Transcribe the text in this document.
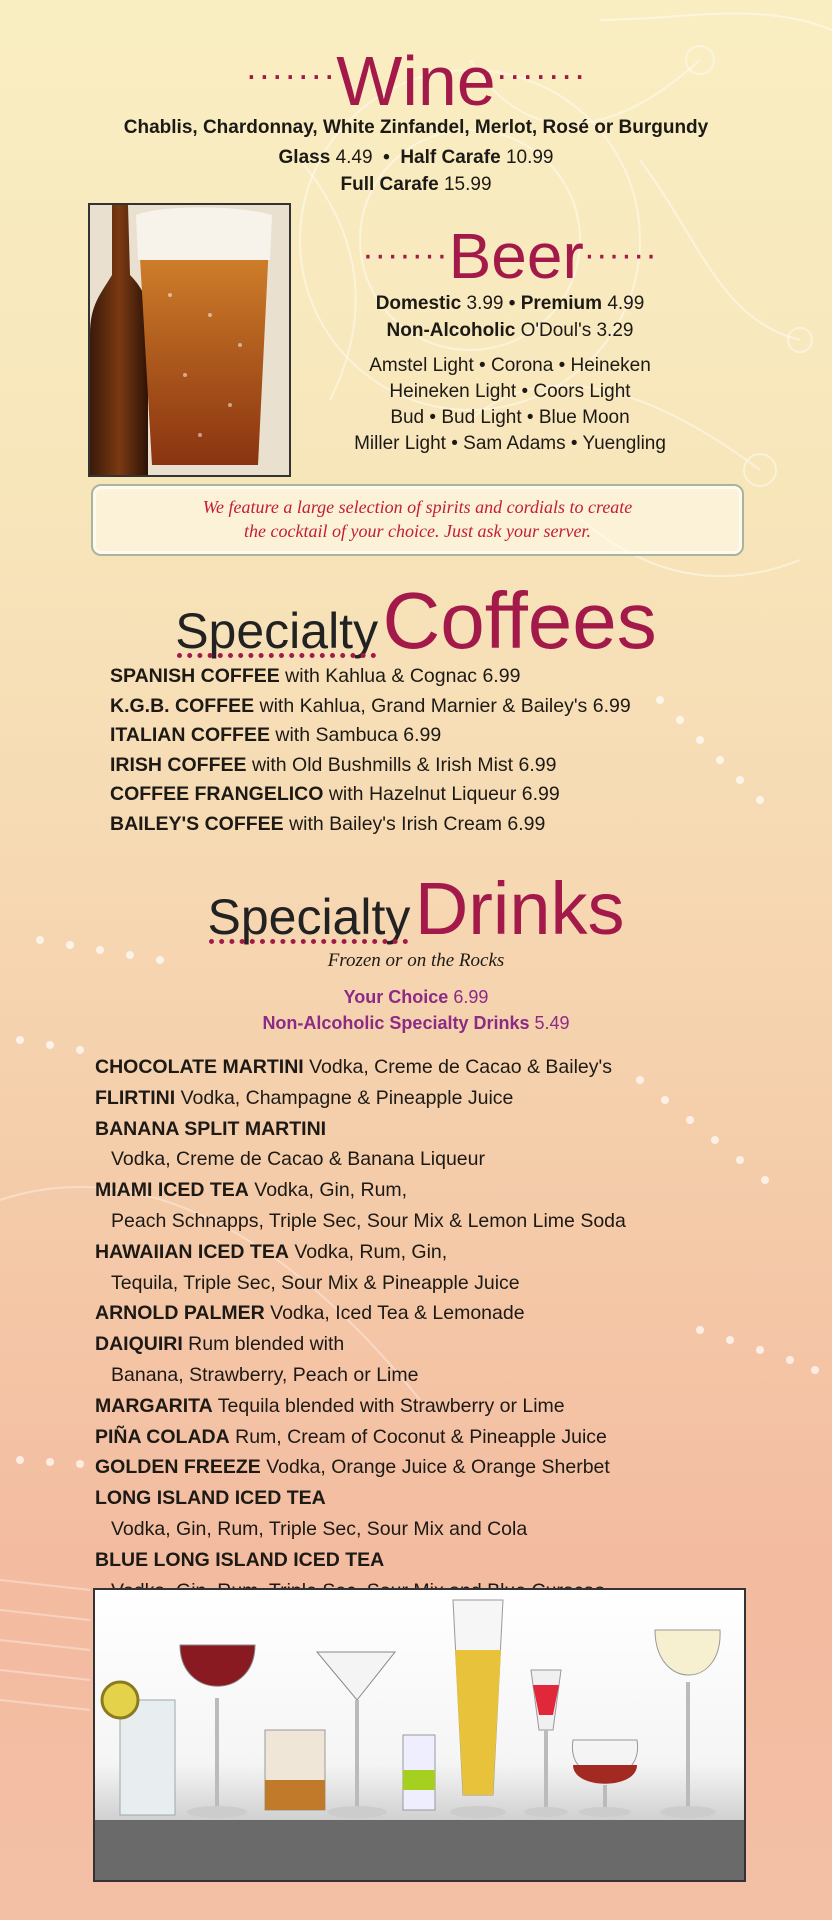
·······Wine·······
Chablis, Chardonnay, White Zinfandel, Merlot, Rosé or Burgundy
Glass 4.49 • Half Carafe 10.99
Full Carafe 15.99
·······Beer······
Domestic 3.99 • Premium 4.99
Non-Alcoholic O'Doul's 3.29
Amstel Light • Corona • Heineken
Heineken Light • Coors Light
Bud • Bud Light • Blue Moon
Miller Light • Sam Adams • Yuengling
We feature a large selection of spirits and cordials to create
the cocktail of your choice. Just ask your server.
Specialty
Coffees
SPANISH COFFEE with Kahlua & Cognac 6.99
K.G.B. COFFEE with Kahlua, Grand Marnier & Bailey's 6.99
ITALIAN COFFEE with Sambuca 6.99
IRISH COFFEE with Old Bushmills & Irish Mist 6.99
COFFEE FRANGELICO with Hazelnut Liqueur 6.99
BAILEY'S COFFEE with Bailey's Irish Cream 6.99
Specialty
Drinks
Frozen or on the Rocks
Your Choice 6.99
Non-Alcoholic Specialty Drinks 5.49
CHOCOLATE MARTINI Vodka, Creme de Cacao & Bailey's
FLIRTINI Vodka, Champagne & Pineapple Juice
BANANA SPLIT MARTINI
Vodka, Creme de Cacao & Banana Liqueur
MIAMI ICED TEA Vodka, Gin, Rum,
Peach Schnapps, Triple Sec, Sour Mix & Lemon Lime Soda
HAWAIIAN ICED TEA Vodka, Rum, Gin,
Tequila, Triple Sec, Sour Mix & Pineapple Juice
ARNOLD PALMER Vodka, Iced Tea & Lemonade
DAIQUIRI Rum blended with
Banana, Strawberry, Peach or Lime
MARGARITA Tequila blended with Strawberry or Lime
PIÑA COLADA Rum, Cream of Coconut & Pineapple Juice
GOLDEN FREEZE Vodka, Orange Juice & Orange Sherbet
LONG ISLAND ICED TEA
Vodka, Gin, Rum, Triple Sec, Sour Mix and Cola
BLUE LONG ISLAND ICED TEA
